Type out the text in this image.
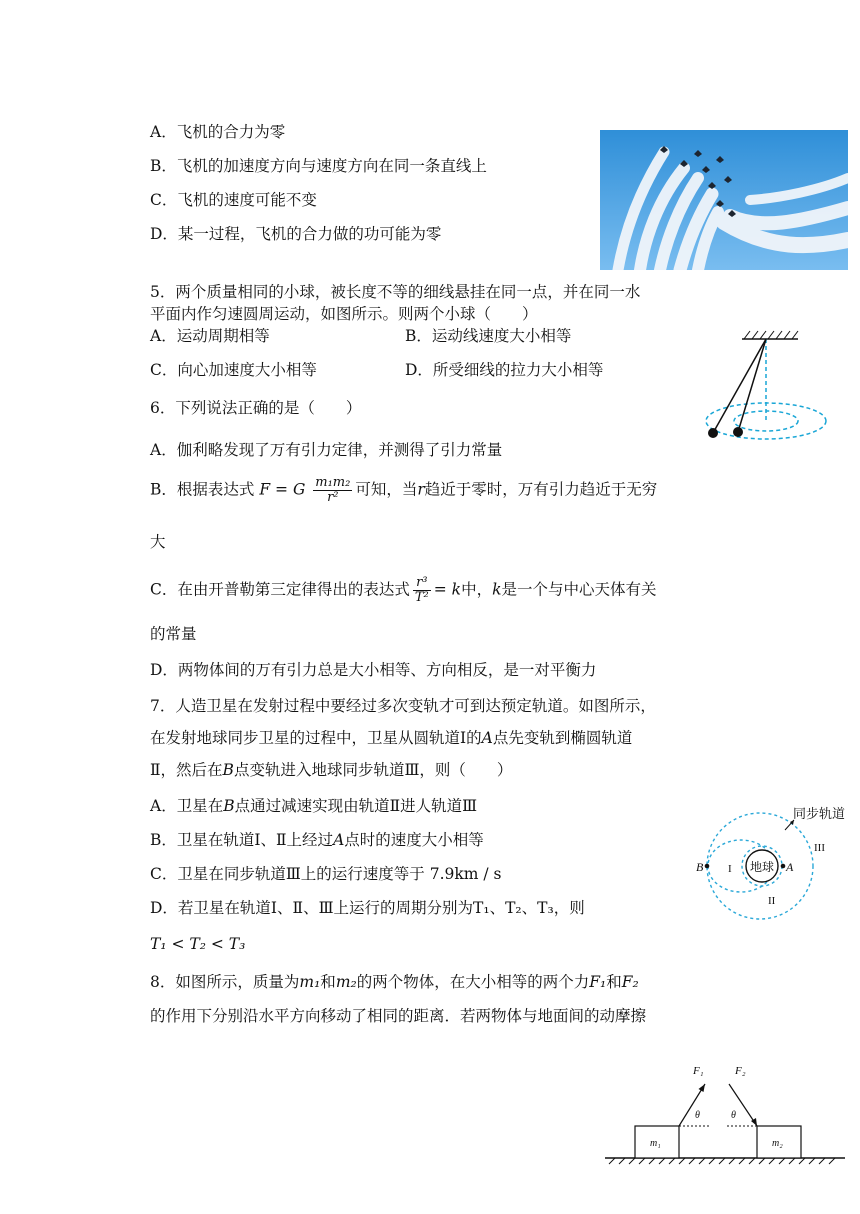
A．飞机的合力为零
B．飞机的加速度方向与速度方向在同一条直线上
C．飞机的速度可能不变
D．某一过程，飞机的合力做的功可能为零
5．两个质量相同的小球，被长度不等的细线悬挂在同一点，并在同一水
平面内作匀速圆周运动，如图所示。则两个小球（　　）
A．运动周期相等	B．运动线速度大小相等
C．向心加速度大小相等	D．所受细线的拉力大小相等
6．下列说法正确的是（　　）
A．伽利略发现了万有引力定律，并测得了引力常量
B．根据表达式 F = G $\frac{\text{m₁m₂}}{\text{r²}}$ 可知，当r趋近于零时，万有引力趋近于无穷
大
C．在由开普勒第三定律得出的表达式 $\frac{\text{r³}}{\text{T²}} = k$中，k是一个与中心天体有关
的常量
D．两物体间的万有引力总是大小相等、方向相反，是一对平衡力
7．人造卫星在发射过程中要经过多次变轨才可到达预定轨道。如图所示，
在发射地球同步卫星的过程中，卫星从圆轨道Ⅰ的A点先变轨到椭圆轨道
Ⅱ，然后在B点变轨进入地球同步轨道Ⅲ，则（　　）
A．卫星在B点通过减速实现由轨道Ⅱ进人轨道Ⅲ
B．卫星在轨道Ⅰ、Ⅱ上经过A点时的速度大小相等
C．卫星在同步轨道Ⅲ上的运行速度等于 7.9km / s
D．若卫星在轨道Ⅰ、Ⅱ、Ⅲ上运行的周期分别为T₁、T₂、T₃，则
T₁ < T₂ < T₃
地球
B	A
I
II
III
同步轨道
8．如图所示，质量为m₁和m₂的两个物体，在大小相等的两个力F₁和F₂
的作用下分别沿水平方向移动了相同的距离．若两物体与地面间的动摩擦
m₁	m₂
F₁	F₂
θ	θ
